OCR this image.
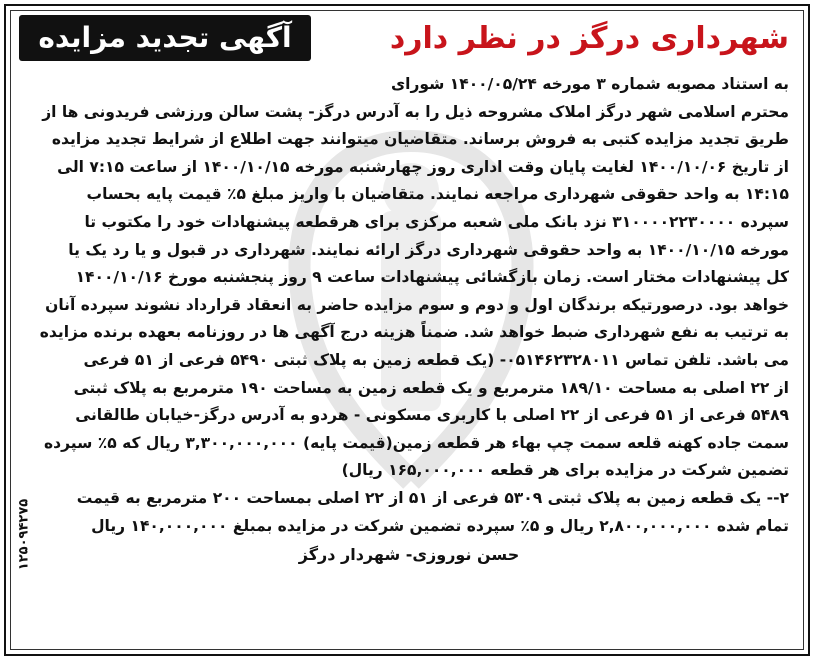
شهرداری درگز در نظر دارد
آگهی تجدید مزایده
به استناد مصوبه شماره ۳ مورخه ۱۴۰۰/۰۵/۲۴ شورای
محترم اسلامی شهر درگز املاک مشروحه ذیل را به آدرس درگز- پشت سالن ورزشی فریدونی ها از
طریق تجدید مزایده کتبی به فروش برساند. متقاضیان میتوانند جهت اطلاع از شرایط تجدید مزایده
از تاریخ ۱۴۰۰/۱۰/۰۶ لغایت پایان وقت اداری روز چهارشنبه مورخه ۱۴۰۰/۱۰/۱۵ از ساعت ۷:۱۵ الی
۱۴:۱۵ به واحد حقوقی شهرداری مراجعه نمایند. متقاضیان با واریز مبلغ ۵٪ قیمت پایه بحساب
سپرده ۳۱۰۰۰۰۲۲۳۰۰۰۰ نزد بانک ملی شعبه مرکزی برای هرقطعه پیشنهادات خود را مکتوب تا
مورخه ۱۴۰۰/۱۰/۱۵ به واحد حقوقی شهرداری درگز ارائه نمایند. شهرداری در قبول و یا رد یک یا
کل پیشنهادات مختار است. زمان بازگشائی پیشنهادات ساعت ۹ روز پنجشنبه مورخ ۱۴۰۰/۱۰/۱۶
خواهد بود. درصورتیکه برندگان اول و دوم و سوم مزایده حاضر به انعقاد قرارداد نشوند سپرده آنان
به ترتیب به نفع شهرداری ضبط خواهد شد. ضمناً هزینه درج آگهی ها در روزنامه بعهده برنده مزایده
می باشد. تلفن تماس ۰۵۱۴۶۲۳۲۸۰۱۱- (یک قطعه زمین به پلاک ثبتی ۵۴۹۰ فرعی از ۵۱ فرعی
از ۲۲ اصلی به مساحت ۱۸۹/۱۰ مترمربع و یک قطعه زمین به مساحت ۱۹۰ مترمربع به پلاک ثبتی
۵۴۸۹ فرعی از ۵۱ فرعی از ۲۲ اصلی با کاربری مسکونی - هردو به آدرس درگز-خیابان طالقانی
سمت جاده کهنه قلعه سمت چپ بهاء هر قطعه زمین(قیمت پایه) ۳,۳۰۰,۰۰۰,۰۰۰ ریال که ۵٪ سپرده
تضمین شرکت در مزایده برای هر قطعه ۱۶۵,۰۰۰,۰۰۰ ریال)
۲-- یک قطعه زمین به پلاک ثبتی ۵۳۰۹ فرعی از ۵۱ از ۲۲ اصلی بمساحت ۲۰۰ مترمربع به قیمت
تمام شده ۲,۸۰۰,۰۰۰,۰۰۰ ریال و ۵٪ سپرده تضمین شرکت در مزایده بمبلغ ۱۴۰,۰۰۰,۰۰۰ ریال
حسن نوروزی- شهردار درگز
۱۲۵۰۹۴۲۷۵
